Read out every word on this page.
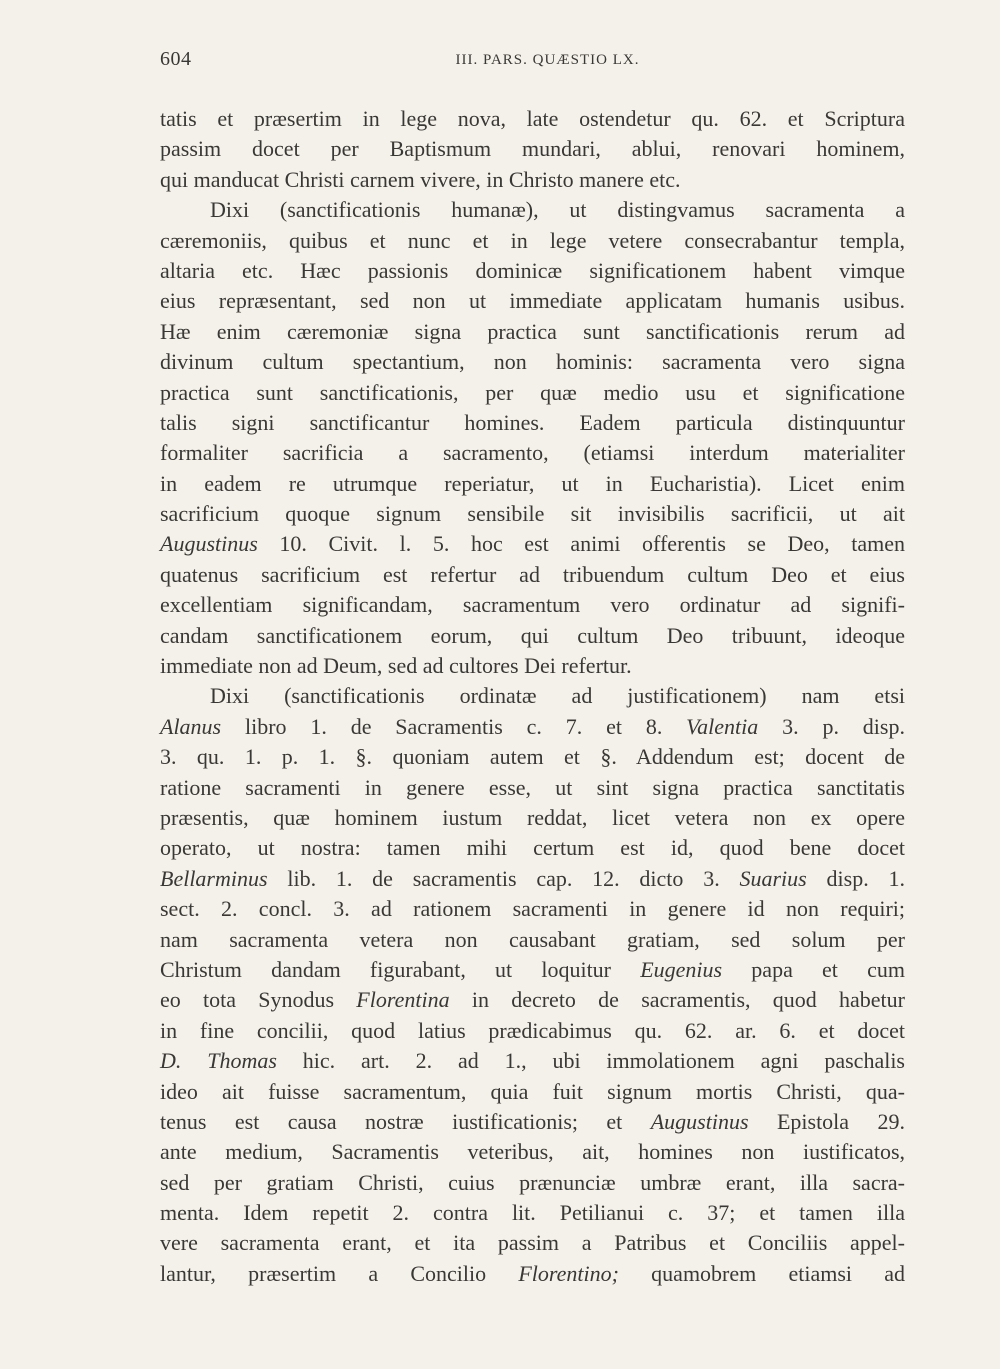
604	III. PARS. QUÆSTIO LX.
tatis et præsertim in lege nova, late ostendetur qu. 62. et Scriptura
passim docet per Baptismum mundari, ablui, renovari hominem,
qui manducat Christi carnem vivere, in Christo manere etc.
Dixi (sanctificationis humanæ), ut distingvamus sacramenta a
cæremoniis, quibus et nunc et in lege vetere consecrabantur templa,
altaria etc. Hæc passionis dominicæ significationem habent vimque
eius repræsentant, sed non ut immediate applicatam humanis usibus.
Hæ enim cæremoniæ signa practica sunt sanctificationis rerum ad
divinum cultum spectantium, non hominis: sacramenta vero signa
practica sunt sanctificationis, per quæ medio usu et significatione
talis signi sanctificantur homines. Eadem particula distinquuntur
formaliter sacrificia a sacramento, (etiamsi interdum materialiter
in eadem re utrumque reperiatur, ut in Eucharistia). Licet enim
sacrificium quoque signum sensibile sit invisibilis sacrificii, ut ait
Augustinus 10. Civit. l. 5. hoc est animi offerentis se Deo, tamen
quatenus sacrificium est refertur ad tribuendum cultum Deo et eius
excellentiam significandam, sacramentum vero ordinatur ad signifi-
candam sanctificationem eorum, qui cultum Deo tribuunt, ideoque
immediate non ad Deum, sed ad cultores Dei refertur.
Dixi (sanctificationis ordinatæ ad justificationem) nam etsi
Alanus libro 1. de Sacramentis c. 7. et 8. Valentia 3. p. disp.
3. qu. 1. p. 1. §. quoniam autem et §. Addendum est; docent de
ratione sacramenti in genere esse, ut sint signa practica sanctitatis
præsentis, quæ hominem iustum reddat, licet vetera non ex opere
operato, ut nostra: tamen mihi certum est id, quod bene docet
Bellarminus lib. 1. de sacramentis cap. 12. dicto 3. Suarius disp. 1.
sect. 2. concl. 3. ad rationem sacramenti in genere id non requiri;
nam sacramenta vetera non causabant gratiam, sed solum per
Christum dandam figurabant, ut loquitur Eugenius papa et cum
eo tota Synodus Florentina in decreto de sacramentis, quod habetur
in fine concilii, quod latius prædicabimus qu. 62. ar. 6. et docet
D. Thomas hic. art. 2. ad 1., ubi immolationem agni paschalis
ideo ait fuisse sacramentum, quia fuit signum mortis Christi, qua-
tenus est causa nostræ iustificationis; et Augustinus Epistola 29.
ante medium, Sacramentis veteribus, ait, homines non iustificatos,
sed per gratiam Christi, cuius prænunciæ umbræ erant, illa sacra-
menta. Idem repetit 2. contra lit. Petilianui c. 37; et tamen illa
vere sacramenta erant, et ita passim a Patribus et Conciliis appel-
lantur, præsertim a Concilio Florentino; quamobrem etiamsi ad
